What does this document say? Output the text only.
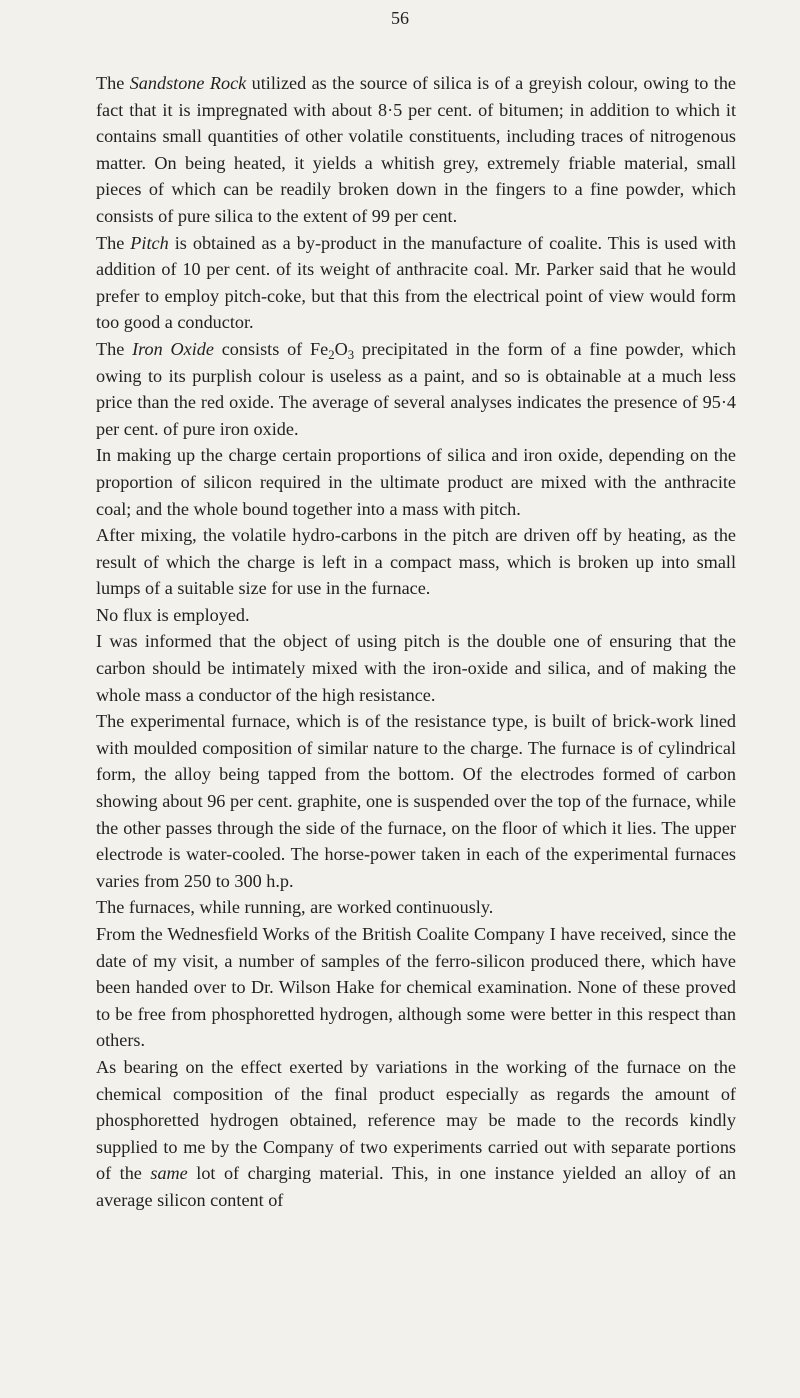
56

The Sandstone Rock utilized as the source of silica is of a greyish colour, owing to the fact that it is impregnated with about 8·5 per cent. of bitumen; in addition to which it contains small quantities of other volatile constituents, including traces of nitrogenous matter. On being heated, it yields a whitish grey, extremely friable material, small pieces of which can be readily broken down in the fingers to a fine powder, which consists of pure silica to the extent of 99 per cent.

The Pitch is obtained as a by-product in the manufacture of coalite. This is used with addition of 10 per cent. of its weight of anthracite coal. Mr. Parker said that he would prefer to employ pitch-coke, but that this from the electrical point of view would form too good a conductor.

The Iron Oxide consists of $Fe_2O_3$ precipitated in the form of a fine powder, which owing to its purplish colour is useless as a paint, and so is obtainable at a much less price than the red oxide. The average of several analyses indicates the presence of 95·4 per cent. of pure iron oxide.

In making up the charge certain proportions of silica and iron oxide, depending on the proportion of silicon required in the ultimate product are mixed with the anthracite coal; and the whole bound together into a mass with pitch.

After mixing, the volatile hydro-carbons in the pitch are driven off by heating, as the result of which the charge is left in a compact mass, which is broken up into small lumps of a suitable size for use in the furnace.

No flux is employed.

I was informed that the object of using pitch is the double one of ensuring that the carbon should be intimately mixed with the iron-oxide and silica, and of making the whole mass a conductor of the high resistance.

The experimental furnace, which is of the resistance type, is built of brick-work lined with moulded composition of similar nature to the charge. The furnace is of cylindrical form, the alloy being tapped from the bottom. Of the electrodes formed of carbon showing about 96 per cent. graphite, one is suspended over the top of the furnace, while the other passes through the side of the furnace, on the floor of which it lies. The upper electrode is water-cooled. The horse-power taken in each of the experimental furnaces varies from 250 to 300 h.p.

The furnaces, while running, are worked continuously.

From the Wednesfield Works of the British Coalite Company I have received, since the date of my visit, a number of samples of the ferro-silicon produced there, which have been handed over to Dr. Wilson Hake for chemical examination. None of these proved to be free from phosphoretted hydrogen, although some were better in this respect than others.

As bearing on the effect exerted by variations in the working of the furnace on the chemical composition of the final product especially as regards the amount of phosphoretted hydrogen obtained, reference may be made to the records kindly supplied to me by the Company of two experiments carried out with separate portions of the same lot of charging material. This, in one instance yielded an alloy of an average silicon content of
